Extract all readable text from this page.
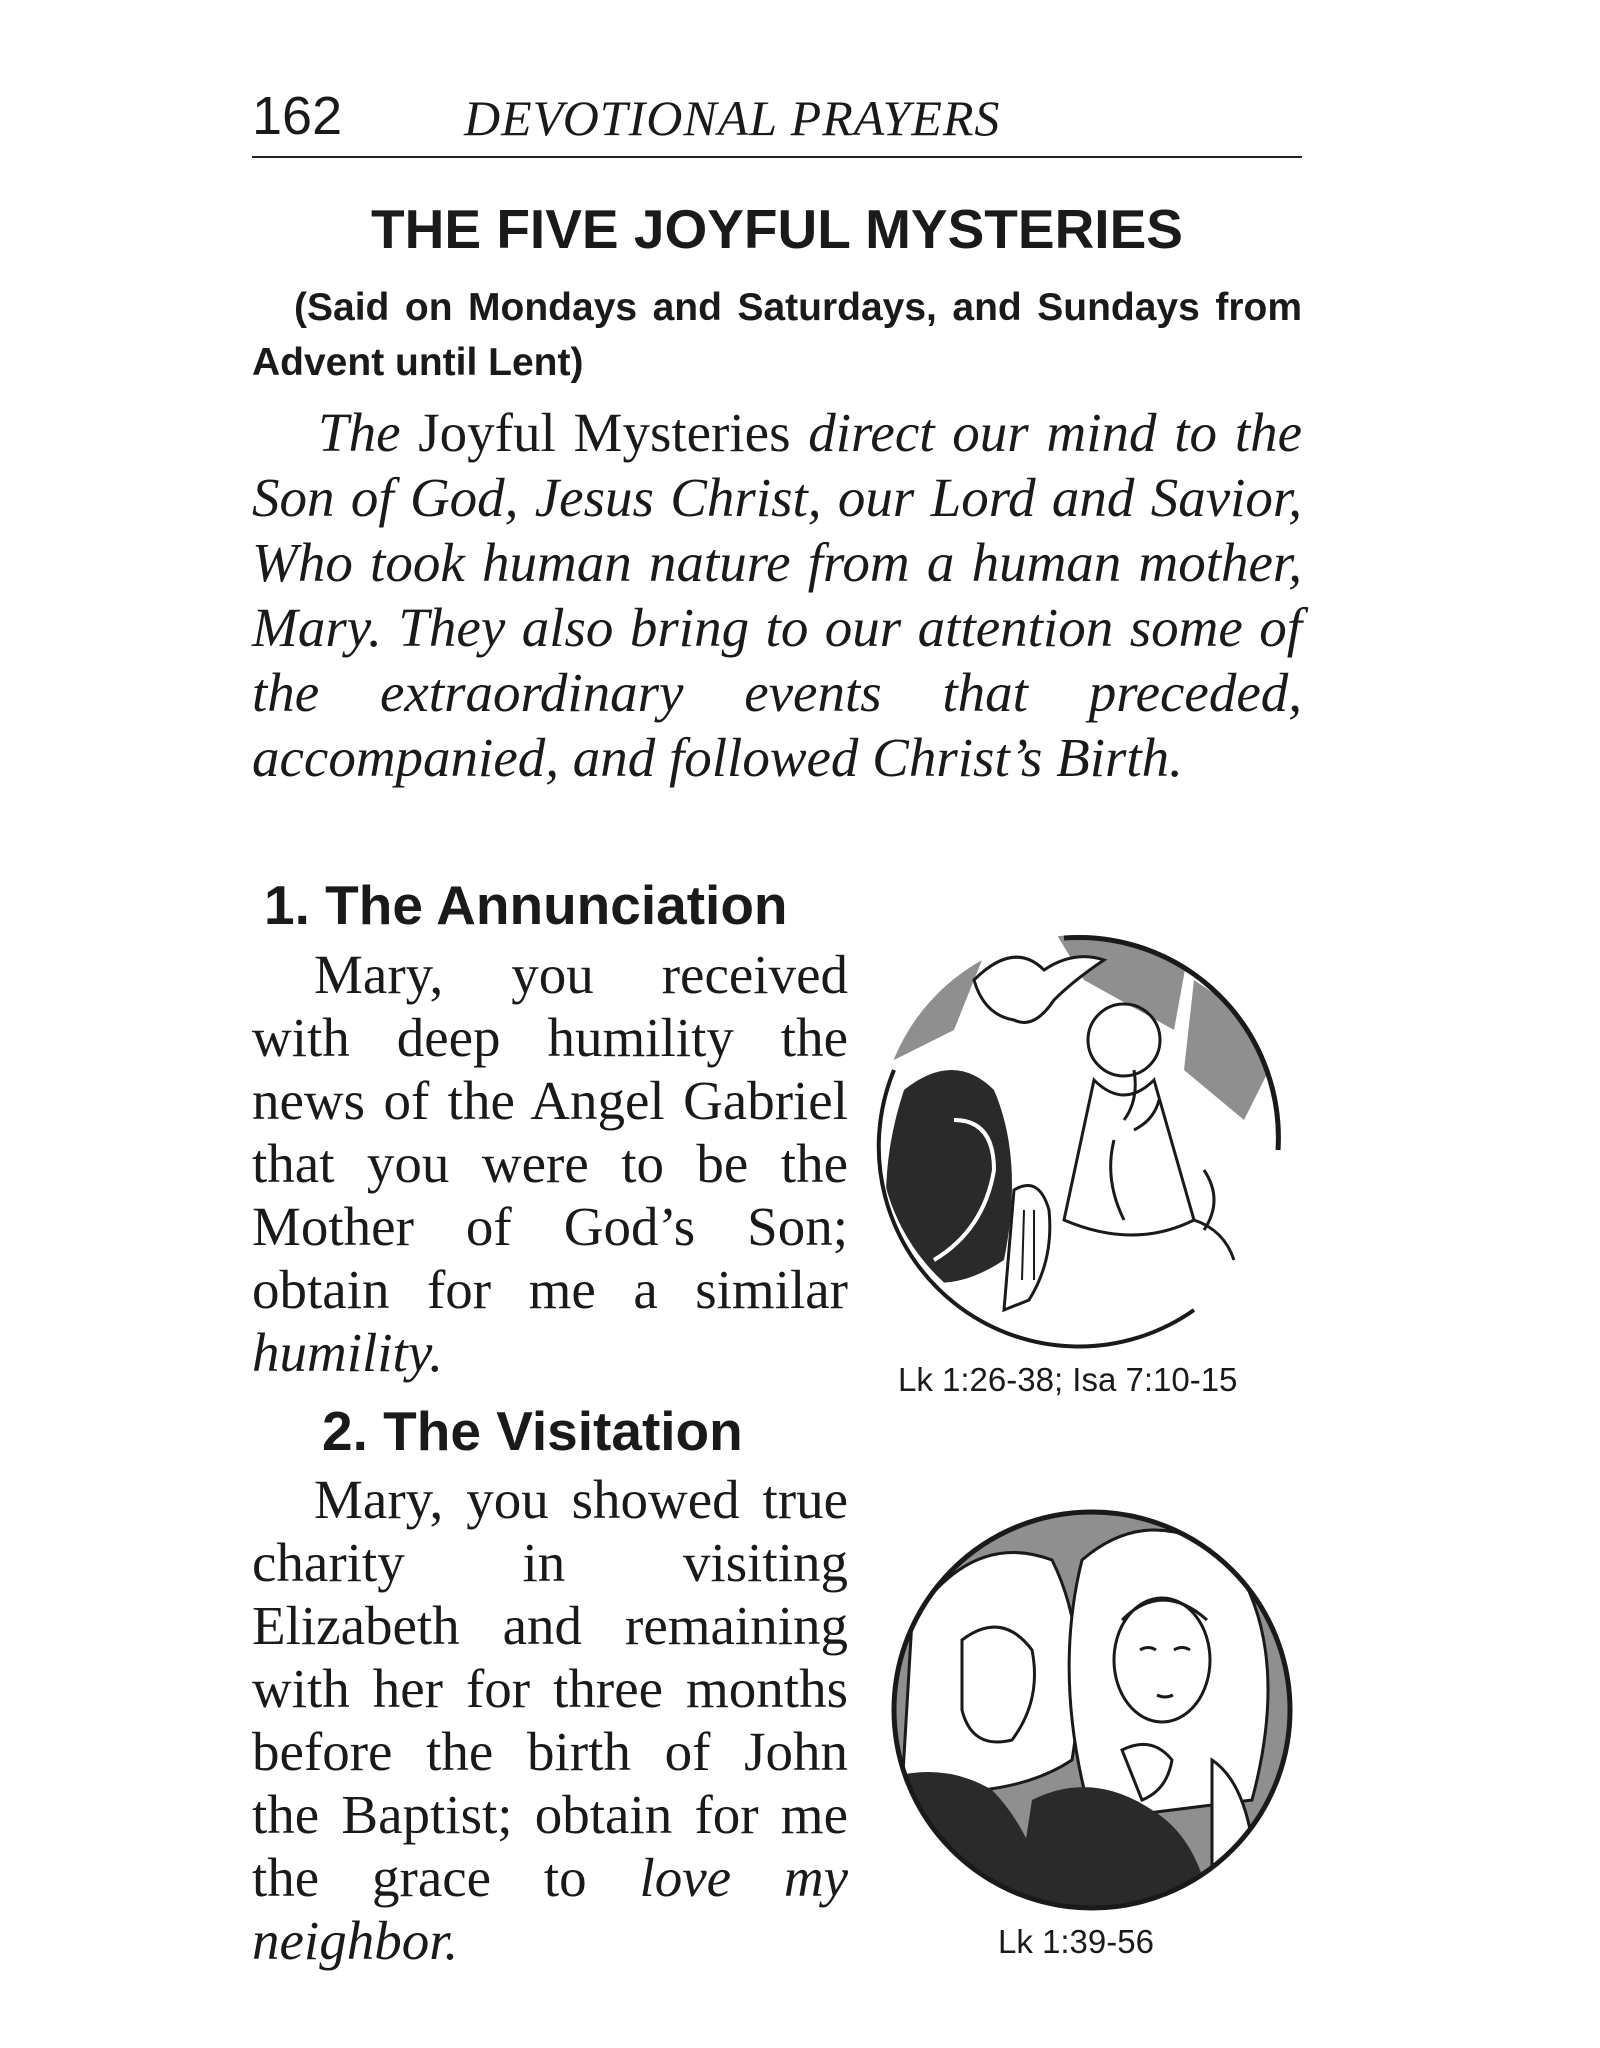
162 DEVOTIONAL PRAYERS
THE FIVE JOYFUL MYSTERIES
(Said on Mondays and Saturdays, and Sundays from Advent until Lent)
The Joyful Mysteries direct our mind to the Son of God, Jesus Christ, our Lord and Savior, Who took human nature from a human mother, Mary. They also bring to our attention some of the extraordinary events that preceded, accompanied, and followed Christ’s Birth.
1. The Annunciation
Mary, you received with deep humility the news of the Angel Gabriel that you were to be the Mother of God’s Son; obtain for me a similar humility.	Lk 1:26-38; Isa 7:10-15
2. The Visitation
Mary, you showed true charity in visiting Elizabeth and remaining with her for three months before the birth of John the Baptist; obtain for me the grace to love my neighbor.	Lk 1:39-56
